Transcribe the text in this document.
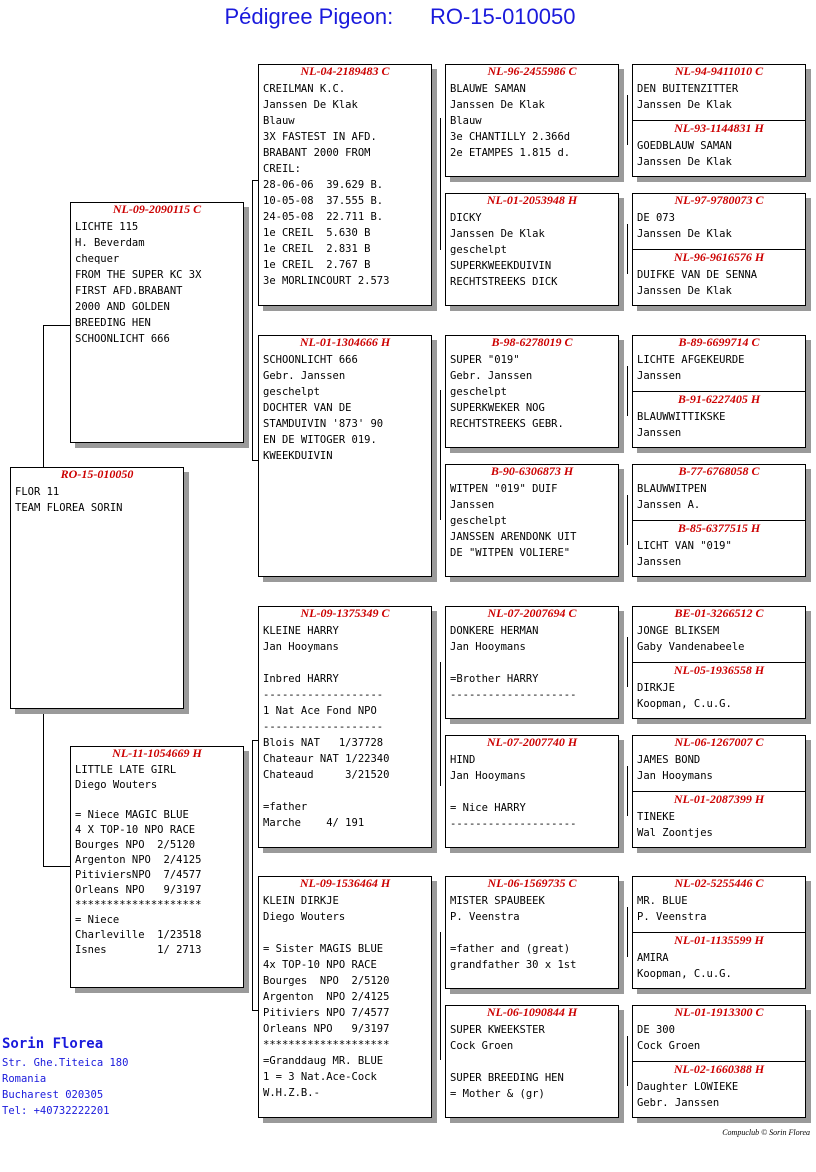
Pédigree Pigeon:      RO-15-010050
RO-15-010050
FLOR 11
TEAM FLOREA SORIN
NL-09-2090115 C
LICHTE 115
H. Beverdam
chequer
FROM THE SUPER KC 3X
FIRST AFD.BRABANT
2000 AND GOLDEN
BREEDING HEN
SCHOONLICHT 666
NL-11-1054669 H
LITTLE LATE GIRL
Diego Wouters
= Niece MAGIC BLUE
4 X TOP-10 NPO RACE
Bourges NPO  2/5120
Argenton NPO  2/4125
PitiviersNPO  7/4577
Orleans NPO   9/3197
********************
= Niece
Charleville  1/23518
Isnes        1/ 2713
NL-04-2189483 C
CREILMAN K.C.
Janssen De Klak
Blauw
3X FASTEST IN AFD.
BRABANT 2000 FROM
CREIL:
28-06-06  39.629 B.
10-05-08  37.555 B.
24-05-08  22.711 B.
1e CREIL  5.630 B
1e CREIL  2.831 B
1e CREIL  2.767 B
3e MORLINCOURT 2.573
NL-01-1304666 H
SCHOONLICHT 666
Gebr. Janssen
geschelpt
DOCHTER VAN DE
STAMDUIVIN '873' 90
EN DE WITOGER 019.
KWEEKDUIVIN
NL-09-1375349 C
KLEINE HARRY
Jan Hooymans
Inbred HARRY
-------------------
1 Nat Ace Fond NPO
-------------------
Blois NAT   1/37728
Chateaur NAT 1/22340
Chateaud     3/21520
=father
Marche    4/ 191
NL-09-1536464 H
KLEIN DIRKJE
Diego Wouters
= Sister MAGIS BLUE
4x TOP-10 NPO RACE
Bourges  NPO  2/5120
Argenton  NPO 2/4125
Pitiviers NPO 7/4577
Orleans NPO   9/3197
********************
=Granddaug MR. BLUE
1 = 3 Nat.Ace-Cock
W.H.Z.B.-
NL-96-2455986 C
BLAUWE SAMAN
Janssen De Klak
Blauw
3e CHANTILLY 2.366d
2e ETAMPES 1.815 d.
NL-01-2053948 H
DICKY
Janssen De Klak
geschelpt
SUPERKWEEKDUIVIN
RECHTSTREEKS DICK
B-98-6278019 C
SUPER "019"
Gebr. Janssen
geschelpt
SUPERKWEKER NOG
RECHTSTREEKS GEBR.
B-90-6306873 H
WITPEN "019" DUIF
Janssen
geschelpt
JANSSEN ARENDONK UIT
DE "WITPEN VOLIERE"
NL-07-2007694 C
DONKERE HERMAN
Jan Hooymans
=Brother HARRY
--------------------
NL-07-2007740 H
HIND
Jan Hooymans
= Nice HARRY
--------------------
NL-06-1569735 C
MISTER SPAUBEEK
P. Veenstra
=father and (great)
grandfather 30 x 1st
NL-06-1090844 H
SUPER KWEEKSTER
Cock Groen
SUPER BREEDING HEN
= Mother & (gr)
NL-94-9411010 C
DEN BUITENZITTER
Janssen De Klak
NL-93-1144831 H
GOEDBLAUW SAMAN
Janssen De Klak
NL-97-9780073 C
DE 073
Janssen De Klak
NL-96-9616576 H
DUIFKE VAN DE SENNA
Janssen De Klak
B-89-6699714 C
LICHTE AFGEKEURDE
Janssen
B-91-6227405 H
BLAUWWITTIKSKE
Janssen
B-77-6768058 C
BLAUWWITPEN
Janssen A.
B-85-6377515 H
LICHT VAN "019"
Janssen
BE-01-3266512 C
JONGE BLIKSEM
Gaby Vandenabeele
NL-05-1936558 H
DIRKJE
Koopman, C.u.G.
NL-06-1267007 C
JAMES BOND
Jan Hooymans
NL-01-2087399 H
TINEKE
Wal Zoontjes
NL-02-5255446 C
MR. BLUE
P. Veenstra
NL-01-1135599 H
AMIRA
Koopman, C.u.G.
NL-01-1913300 C
DE 300
Cock Groen
NL-02-1660388 H
Daughter LOWIEKE
Gebr. Janssen
Sorin Florea
Str. Ghe.Titeica 180
Romania
Bucharest 020305
Tel: +40732222201
Compuclub © Sorin Florea
